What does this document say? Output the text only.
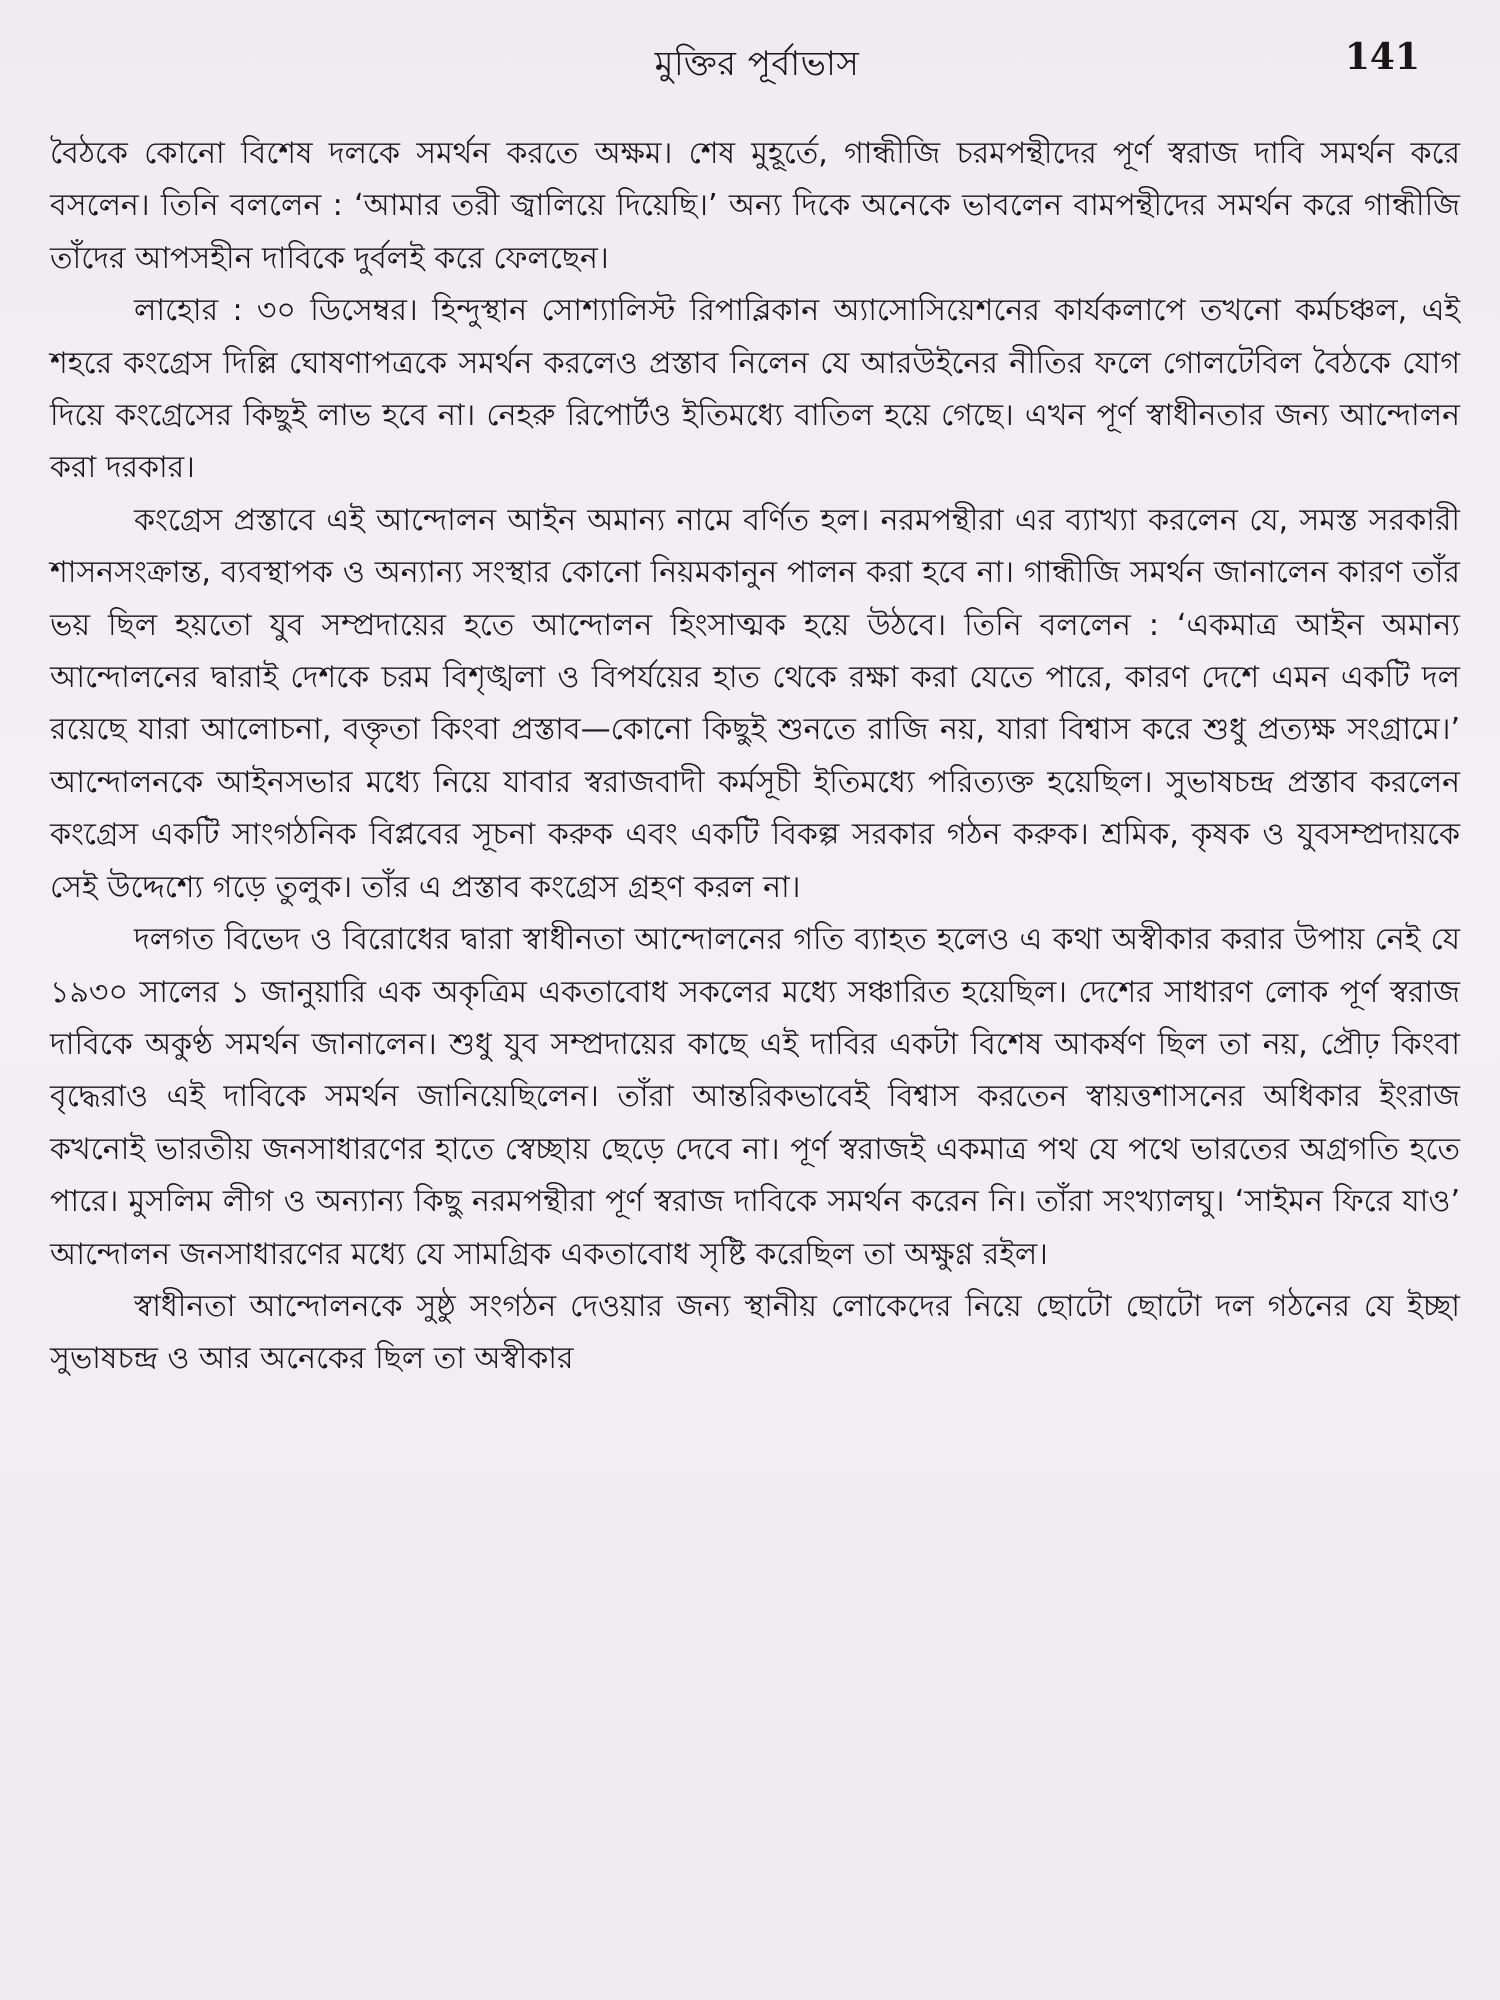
মুক্তির পূর্বাভাস	141

বৈঠকে কোনো বিশেষ দলকে সমর্থন করতে অক্ষম। শেষ মুহূর্তে, গান্ধীজি চরমপন্থীদের পূর্ণ স্বরাজ দাবি সমর্থন করে বসলেন। তিনি বললেন : ‘আমার তরী জ্বালিয়ে দিয়েছি।’ অন্য দিকে অনেকে ভাবলেন বামপন্থীদের সমর্থন করে গান্ধীজি তাঁদের আপসহীন দাবিকে দুর্বলই করে ফেলছেন।

লাহোর : ৩০ ডিসেম্বর। হিন্দুস্থান সোশ্যালিস্ট রিপাব্লিকান অ্যাসোসিয়েশনের কার্যকলাপে তখনো কর্মচঞ্চল, এই শহরে কংগ্রেস দিল্লি ঘোষণাপত্রকে সমর্থন করলেও প্রস্তাব নিলেন যে আরউইনের নীতির ফলে গোলটেবিল বৈঠকে যোগ দিয়ে কংগ্রেসের কিছুই লাভ হবে না। নেহরু রিপোর্টও ইতিমধ্যে বাতিল হয়ে গেছে। এখন পূর্ণ স্বাধীনতার জন্য আন্দোলন করা দরকার।

কংগ্রেস প্রস্তাবে এই আন্দোলন আইন অমান্য নামে বর্ণিত হল। নরমপন্থীরা এর ব্যাখ্যা করলেন যে, সমস্ত সরকারী শাসনসংক্রান্ত, ব্যবস্থাপক ও অন্যান্য সংস্থার কোনো নিয়মকানুন পালন করা হবে না। গান্ধীজি সমর্থন জানালেন কারণ তাঁর ভয় ছিল হয়তো যুব সম্প্রদায়ের হতে আন্দোলন হিংসাত্মক হয়ে উঠবে। তিনি বললেন : ‘একমাত্র আইন অমান্য আন্দোলনের দ্বারাই দেশকে চরম বিশৃঙ্খলা ও বিপর্যয়ের হাত থেকে রক্ষা করা যেতে পারে, কারণ দেশে এমন একটি দল রয়েছে যারা আলোচনা, বক্তৃতা কিংবা প্রস্তাব—কোনো কিছুই শুনতে রাজি নয়, যারা বিশ্বাস করে শুধু প্রত্যক্ষ সংগ্রামে।’ আন্দোলনকে আইনসভার মধ্যে নিয়ে যাবার স্বরাজবাদী কর্মসূচী ইতিমধ্যে পরিত্যক্ত হয়েছিল। সুভাষচন্দ্র প্রস্তাব করলেন কংগ্রেস একটি সাংগঠনিক বিপ্লবের সূচনা করুক এবং একটি বিকল্প সরকার গঠন করুক। শ্রমিক, কৃষক ও যুবসম্প্রদায়কে সেই উদ্দেশ্যে গড়ে তুলুক। তাঁর এ প্রস্তাব কংগ্রেস গ্রহণ করল না।

দলগত বিভেদ ও বিরোধের দ্বারা স্বাধীনতা আন্দোলনের গতি ব্যাহত হলেও এ কথা অস্বীকার করার উপায় নেই যে ১৯৩০ সালের ১ জানুয়ারি এক অকৃত্রিম একতাবোধ সকলের মধ্যে সঞ্চারিত হয়েছিল। দেশের সাধারণ লোক পূর্ণ স্বরাজ দাবিকে অকুণ্ঠ সমর্থন জানালেন। শুধু যুব সম্প্রদায়ের কাছে এই দাবির একটা বিশেষ আকর্ষণ ছিল তা নয়, প্রৌঢ় কিংবা বৃদ্ধেরাও এই দাবিকে সমর্থন জানিয়েছিলেন। তাঁরা আন্তরিকভাবেই বিশ্বাস করতেন স্বায়ত্তশাসনের অধিকার ইংরাজ কখনোই ভারতীয় জনসাধারণের হাতে স্বেচ্ছায় ছেড়ে দেবে না। পূর্ণ স্বরাজই একমাত্র পথ যে পথে ভারতের অগ্রগতি হতে পারে। মুসলিম লীগ ও অন্যান্য কিছু নরমপন্থীরা পূর্ণ স্বরাজ দাবিকে সমর্থন করেন নি। তাঁরা সংখ্যালঘু। ‘সাইমন ফিরে যাও’ আন্দোলন জনসাধারণের মধ্যে যে সামগ্রিক একতাবোধ সৃষ্টি করেছিল তা অক্ষুণ্ণ রইল।

স্বাধীনতা আন্দোলনকে সুষ্ঠু সংগঠন দেওয়ার জন্য স্থানীয় লোকেদের নিয়ে ছোটো ছোটো দল গঠনের যে ইচ্ছা সুভাষচন্দ্র ও আর অনেকের ছিল তা অস্বীকার
